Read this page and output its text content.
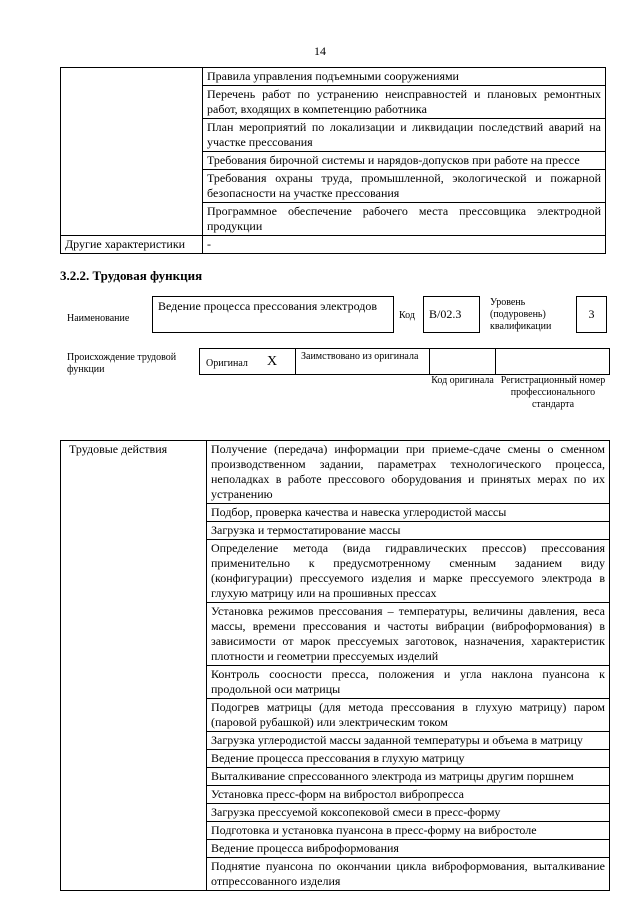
14
	Правила управления подъемными сооружениями
	Перечень работ по устранению неисправностей и плановых ремонтных работ, входящих в компетенцию работника
	План мероприятий по локализации и ликвидации последствий аварий на участке прессования
	Требования бирочной системы и нарядов-допусков при работе на прессе
	Требования охраны труда, промышленной, экологической и пожарной безопасности на участке прессования
	Программное обеспечение рабочего места прессовщика электродной продукции
Другие характеристики	-
3.2.2. Трудовая функция
Наименование
Ведение процесса прессования электродов
Код	B/02.3
Уровень (подуровень) квалификации
3
Происхождение трудовой функции
Оригинал X Заимствовано из оригинала
Код оригинала Регистрационный номер профессионального стандарта
Трудовые действия	Получение (передача) информации при приеме-сдаче смены о сменном производственном задании, параметрах технологического процесса, неполадках в работе прессового оборудования и принятых мерах по их устранению
Подбор, проверка качества и навеска углеродистой массы
Загрузка и термостатирование массы
Определение метода (вида гидравлических прессов) прессования применительно к предусмотренному сменным заданием виду (конфигурации) прессуемого изделия и марке прессуемого электрода в глухую матрицу или на прошивных прессах
Установка режимов прессования – температуры, величины давления, веса массы, времени прессования и частоты вибрации (виброформования) в зависимости от марок прессуемых заготовок, назначения, характеристик плотности и геометрии прессуемых изделий
Контроль соосности пресса, положения и угла наклона пуансона к продольной оси матрицы
Подогрев матрицы (для метода прессования в глухую матрицу) паром (паровой рубашкой) или электрическим током
Загрузка углеродистой массы заданной температуры и объема в матрицу
Ведение процесса прессования в глухую матрицу
Выталкивание спрессованного электрода из матрицы другим поршнем
Установка пресс-форм на вибростол вибропресса
Загрузка прессуемой коксопековой смеси в пресс-форму
Подготовка и установка пуансона в пресс-форму на вибростоле
Ведение процесса виброформования
Поднятие пуансона по окончании цикла виброформования, выталкивание отпрессованного изделия
